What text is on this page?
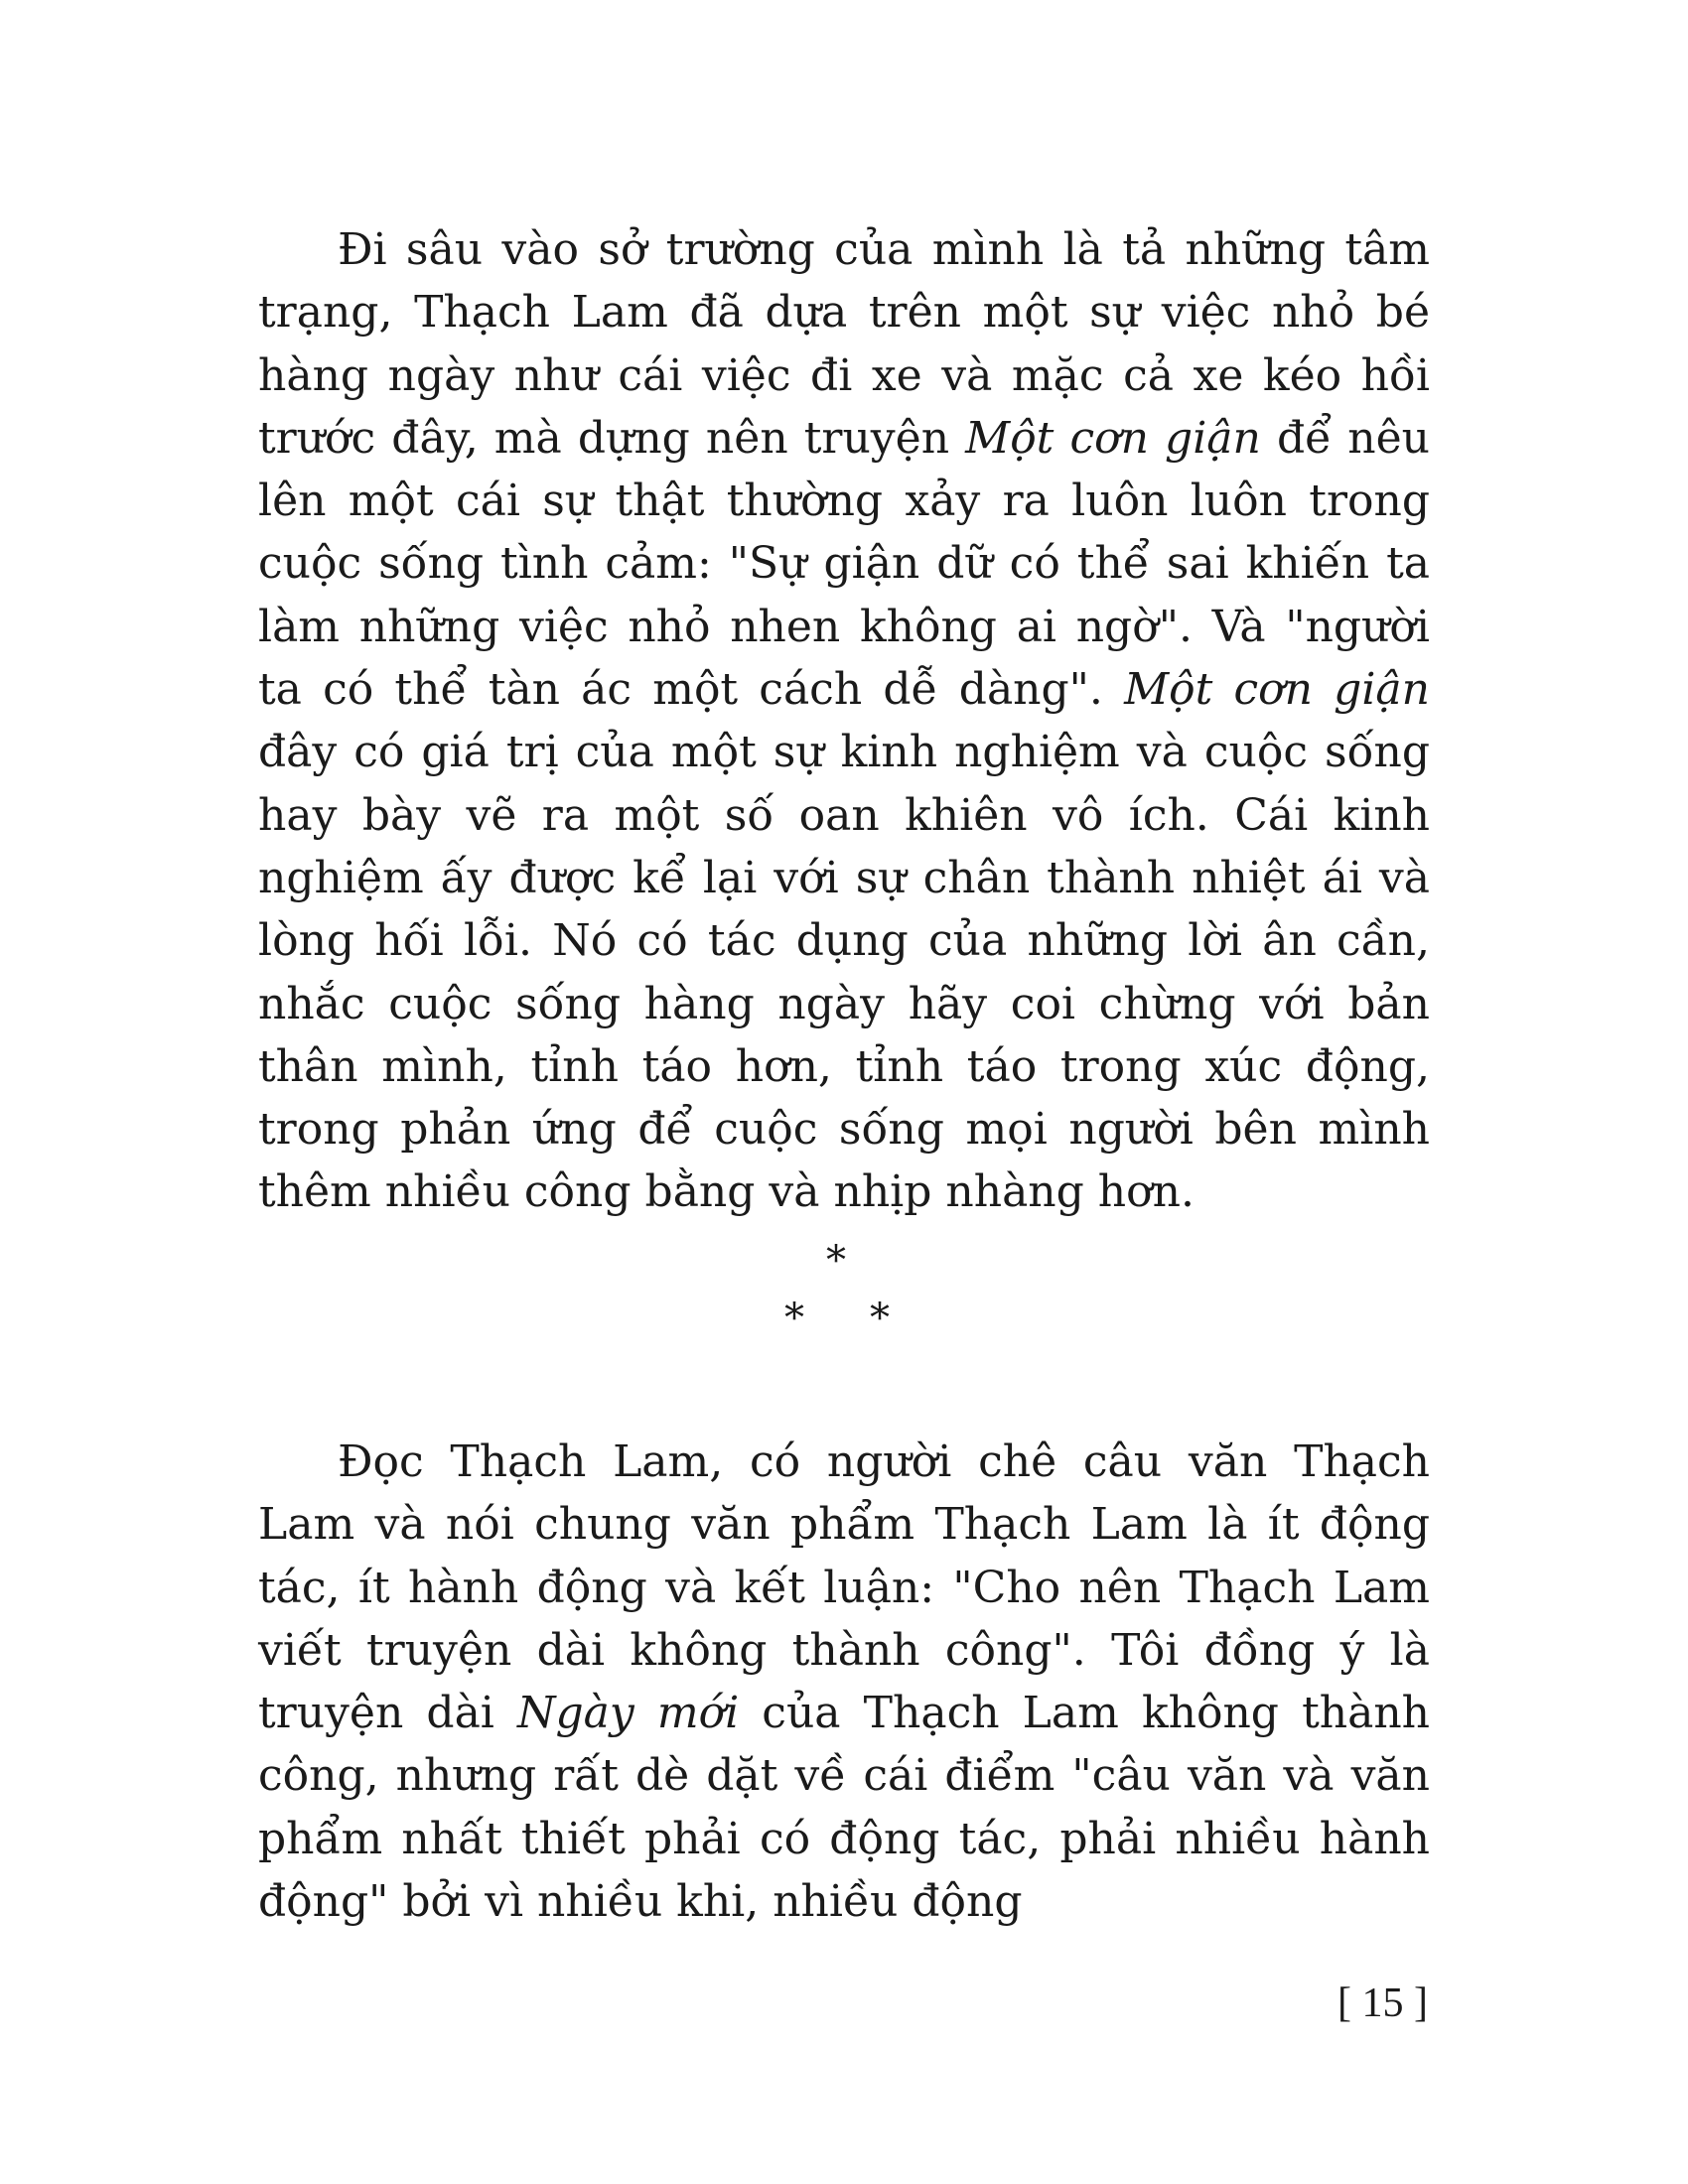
Đi sâu vào sở trường của mình là tả những tâm trạng, Thạch Lam đã dựa trên một sự việc nhỏ bé hàng ngày như cái việc đi xe và mặc cả xe kéo hồi trước đây, mà dựng nên truyện Một cơn giận để nêu lên một cái sự thật thường xảy ra luôn luôn trong cuộc sống tình cảm: "Sự giận dữ có thể sai khiến ta làm những việc nhỏ nhen không ai ngờ". Và "người ta có thể tàn ác một cách dễ dàng". Một cơn giận đây có giá trị của một sự kinh nghiệm và cuộc sống hay bày vẽ ra một số oan khiên vô ích. Cái kinh nghiệm ấy được kể lại với sự chân thành nhiệt ái và lòng hối lỗi. Nó có tác dụng của những lời ân cần, nhắc cuộc sống hàng ngày hãy coi chừng với bản thân mình, tỉnh táo hơn, tỉnh táo trong xúc động, trong phản ứng để cuộc sống mọi người bên mình thêm nhiều công bằng và nhịp nhàng hơn.

*
* *

Đọc Thạch Lam, có người chê câu văn Thạch Lam và nói chung văn phẩm Thạch Lam là ít động tác, ít hành động và kết luận: "Cho nên Thạch Lam viết truyện dài không thành công". Tôi đồng ý là truyện dài Ngày mới của Thạch Lam không thành công, nhưng rất dè dặt về cái điểm "câu văn và văn phẩm nhất thiết phải có động tác, phải nhiều hành động" bởi vì nhiều khi, nhiều động

[ 15 ]
